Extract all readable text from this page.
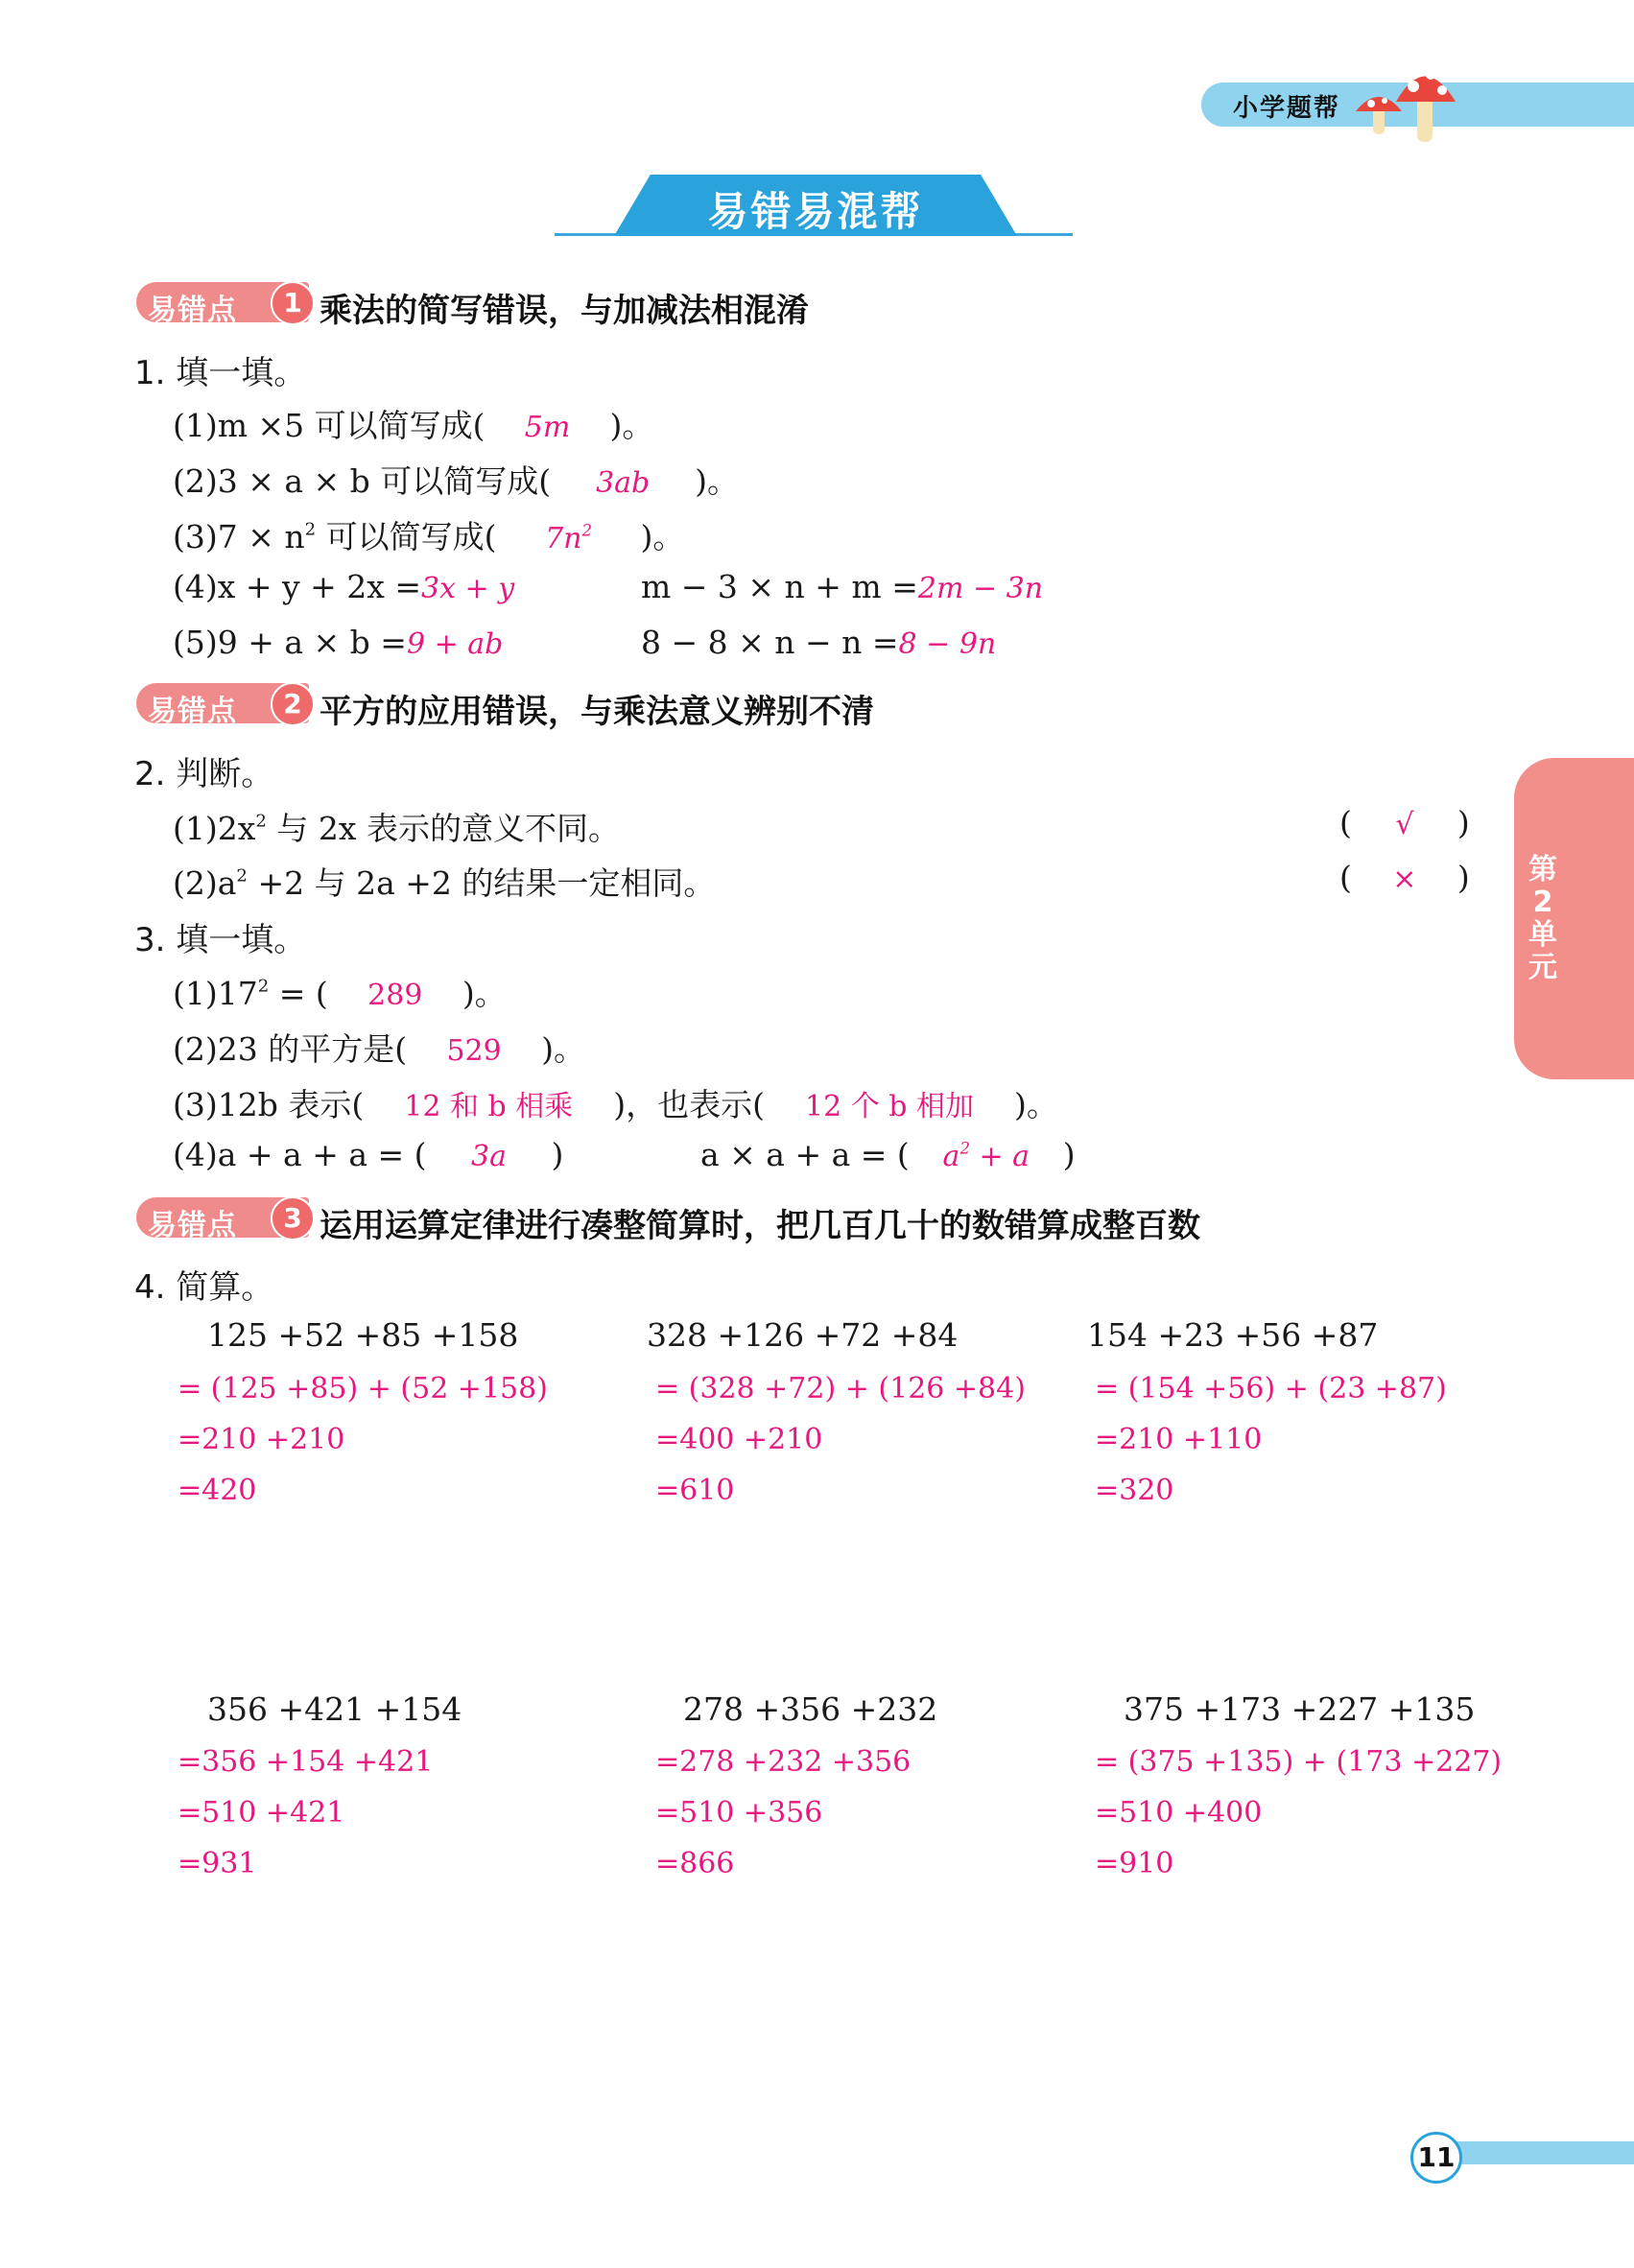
小学题帮
易错易混帮
易错点	1 乘法的简写错误，与加减法相混淆
1. 填一填。
(1)m ×5 可以简写成( 5m )。
(2)3 × a × b 可以简写成( 3ab )。
$(3)7 \times n^2$ 可以简写成( $7n^2$ )。
(4)x + y + 2x =3x + y	m − 3 × n + m =2m − 3n
(5)9 + a × b =9 + ab	8 − 8 × n − n =8 − 9n
易错点	2 平方的应用错误，与乘法意义辨别不清
2. 判断。
$(1)2x^2$ 与 2x 表示的意义不同。	( √ )
$(2)a^2 +2$ 与 2a +2 的结果一定相同。	( × )
3. 填一填。
$(1)17^2$ = ( 289 )。
(2)23 的平方是( 529 )。
(3)12b 表示( 12 和 b 相乘 )，也表示( 12 个 b 相加 )。
(4)a + a + a = ( 3a )	a × a + a = ( $a^2 + a$ )
易错点	3 运用运算定律进行凑整简算时，把几百几十的数错算成整百数
4. 简算。
125 +52 +85 +158
= (125 +85) + (52 +158)
=210 +210
=420
328 +126 +72 +84
= (328 +72) + (126 +84)
=400 +210
=610
154 +23 +56 +87
= (154 +56) + (23 +87)
=210 +110
=320
356 +421 +154
=356 +154 +421
=510 +421
=931
278 +356 +232
=278 +232 +356
=510 +356
=866
375 +173 +227 +135
= (375 +135) + (173 +227)
=510 +400
=910
第2单元
11
